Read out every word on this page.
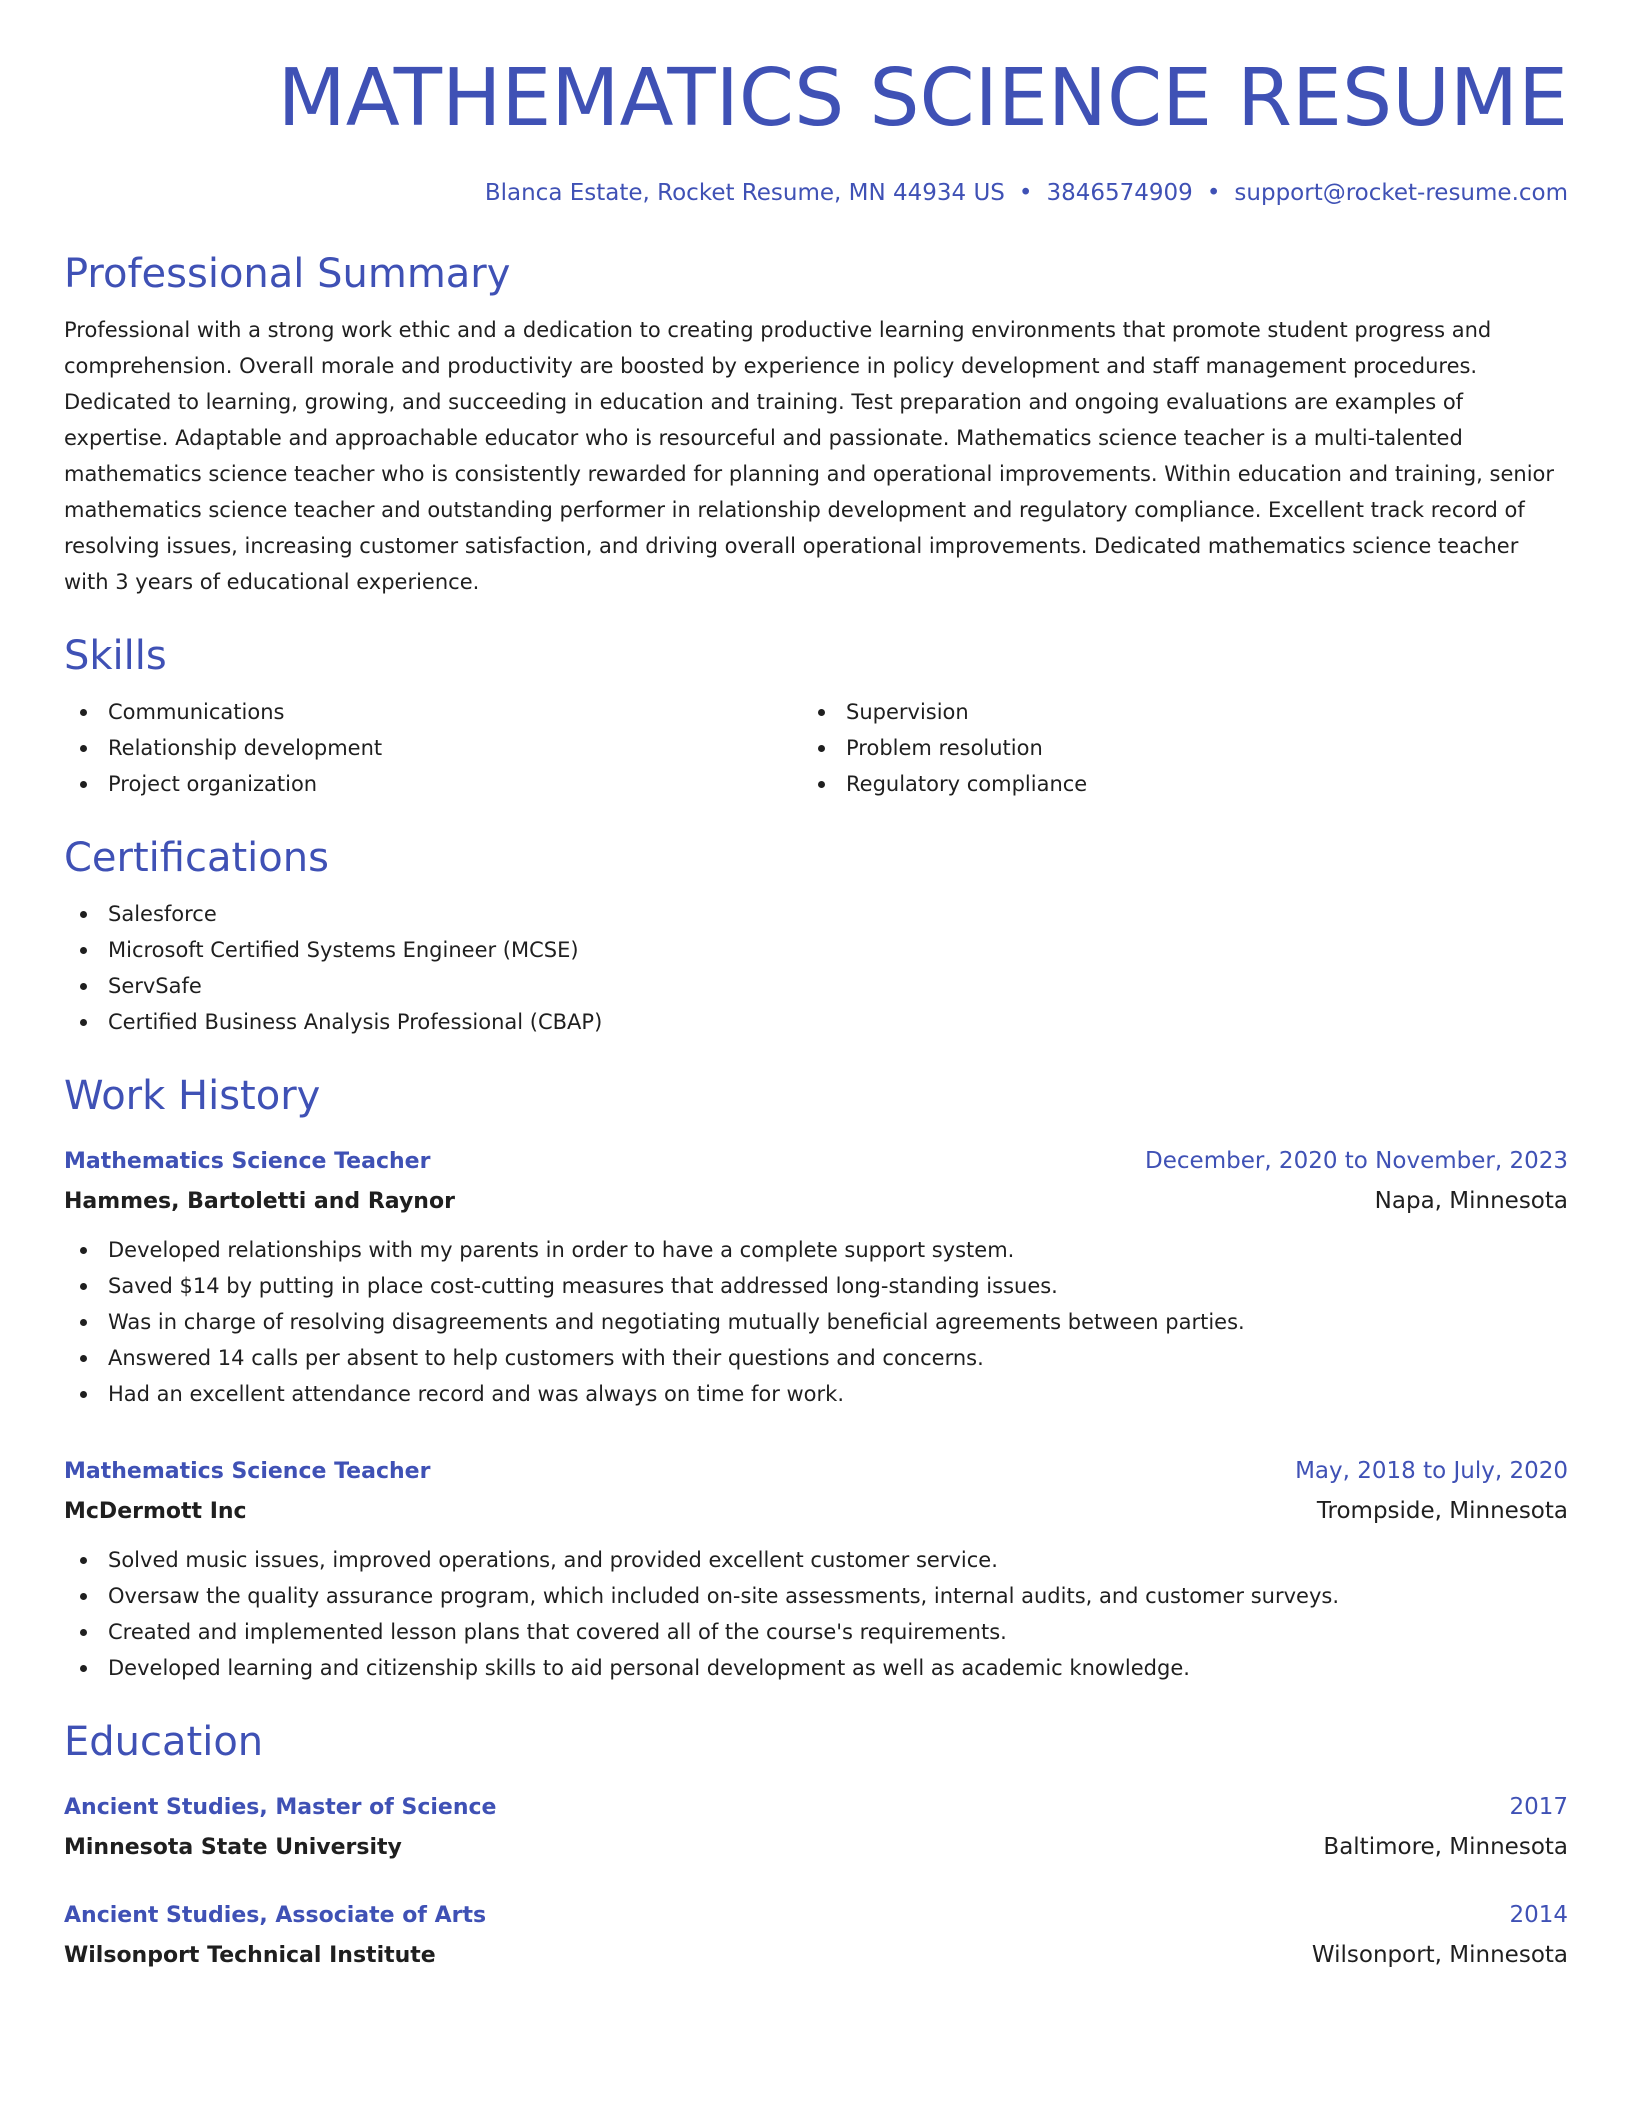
MATHEMATICS SCIENCE RESUME
Blanca Estate, Rocket Resume, MN 44934 US • 3846574909 • support@rocket-resume.com
Professional Summary
Professional with a strong work ethic and a dedication to creating productive learning environments that promote student progress and comprehension. Overall morale and productivity are boosted by experience in policy development and staff management procedures. Dedicated to learning, growing, and succeeding in education and training. Test preparation and ongoing evaluations are examples of expertise. Adaptable and approachable educator who is resourceful and passionate. Mathematics science teacher is a multi-talented mathematics science teacher who is consistently rewarded for planning and operational improvements. Within education and training, senior mathematics science teacher and outstanding performer in relationship development and regulatory compliance. Excellent track record of resolving issues, increasing customer satisfaction, and driving overall operational improvements. Dedicated mathematics science teacher with 3 years of educational experience.
Skills
Communications
Relationship development
Project organization
Supervision
Problem resolution
Regulatory compliance
Certifications
Salesforce
Microsoft Certified Systems Engineer (MCSE)
ServSafe
Certified Business Analysis Professional (CBAP)
Work History
Mathematics Science Teacher	December, 2020 to November, 2023
Hammes, Bartoletti and Raynor	Napa, Minnesota
Developed relationships with my parents in order to have a complete support system.
Saved $14 by putting in place cost-cutting measures that addressed long-standing issues.
Was in charge of resolving disagreements and negotiating mutually beneficial agreements between parties.
Answered 14 calls per absent to help customers with their questions and concerns.
Had an excellent attendance record and was always on time for work.
Mathematics Science Teacher	May, 2018 to July, 2020
McDermott Inc	Trompside, Minnesota
Solved music issues, improved operations, and provided excellent customer service.
Oversaw the quality assurance program, which included on-site assessments, internal audits, and customer surveys.
Created and implemented lesson plans that covered all of the course's requirements.
Developed learning and citizenship skills to aid personal development as well as academic knowledge.
Education
Ancient Studies, Master of Science	2017
Minnesota State University	Baltimore, Minnesota
Ancient Studies, Associate of Arts	2014
Wilsonport Technical Institute	Wilsonport, Minnesota
